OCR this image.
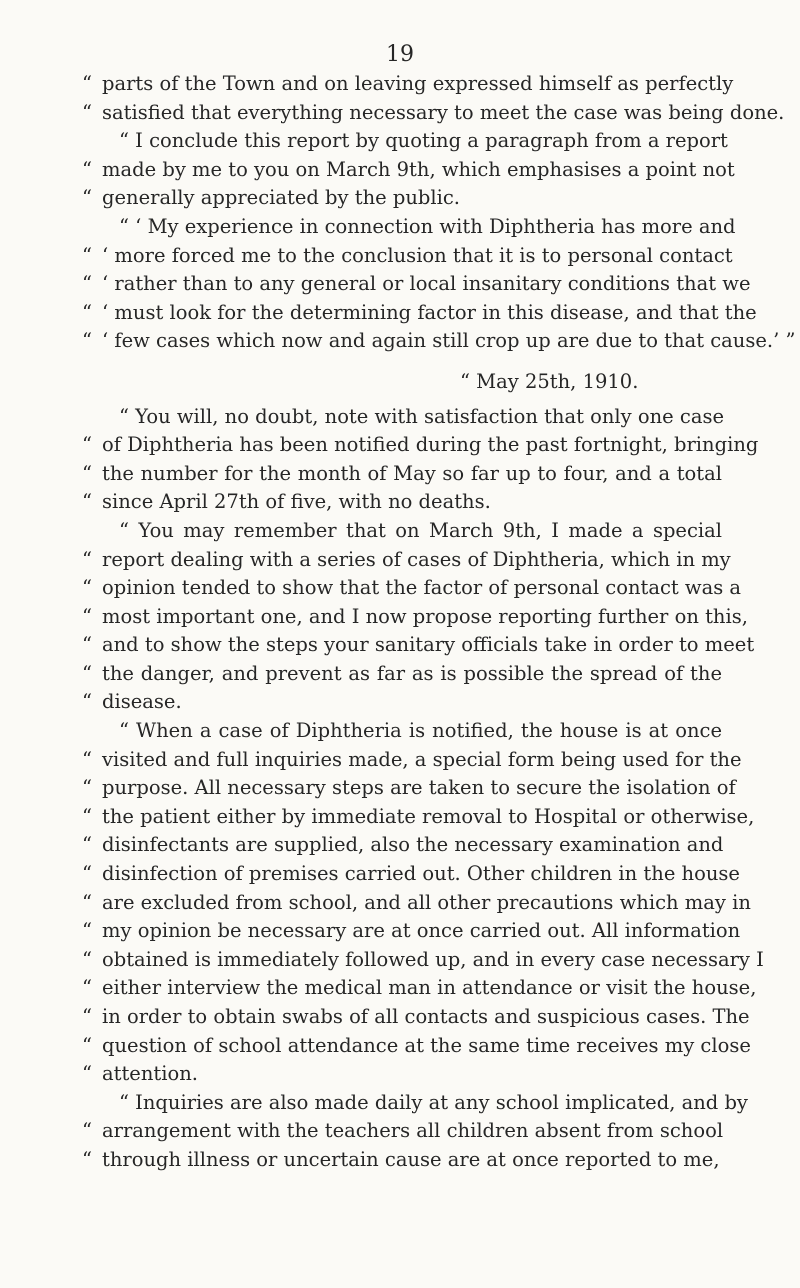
19
“ parts of the Town and on leaving expressed himself as perfectly
“ satisfied that everything necessary to meet the case was being done.
“ I conclude this report by quoting a paragraph from a report
“ made by me to you on March 9th, which emphasises a point not
“ generally appreciated by the public.
“ ‘ My experience in connection with Diphtheria has more and
“ ‘ more forced me to the conclusion that it is to personal contact
“ ‘ rather than to any general or local insanitary conditions that we
“ ‘ must look for the determining factor in this disease, and that the
“ ‘ few cases which now and again still crop up are due to that cause.’ ”
“ May 25th, 1910.
“ You will, no doubt, note with satisfaction that only one case
“ of Diphtheria has been notified during the past fortnight, bringing
“ the number for the month of May so far up to four, and a total
“ since April 27th of five, with no deaths.
“ You may remember that on March 9th, I made a special
“ report dealing with a series of cases of Diphtheria, which in my
“ opinion tended to show that the factor of personal contact was a
“ most important one, and I now propose reporting further on this,
“ and to show the steps your sanitary officials take in order to meet
“ the danger, and prevent as far as is possible the spread of the
“ disease.
“ When a case of Diphtheria is notified, the house is at once
“ visited and full inquiries made, a special form being used for the
“ purpose. All necessary steps are taken to secure the isolation of
“ the patient either by immediate removal to Hospital or otherwise,
“ disinfectants are supplied, also the necessary examination and
“ disinfection of premises carried out. Other children in the house
“ are excluded from school, and all other precautions which may in
“ my opinion be necessary are at once carried out. All information
“ obtained is immediately followed up, and in every case necessary I
“ either interview the medical man in attendance or visit the house,
“ in order to obtain swabs of all contacts and suspicious cases. The
“ question of school attendance at the same time receives my close
“ attention.
“ Inquiries are also made daily at any school implicated, and by
“ arrangement with the teachers all children absent from school
“ through illness or uncertain cause are at once reported to me,
